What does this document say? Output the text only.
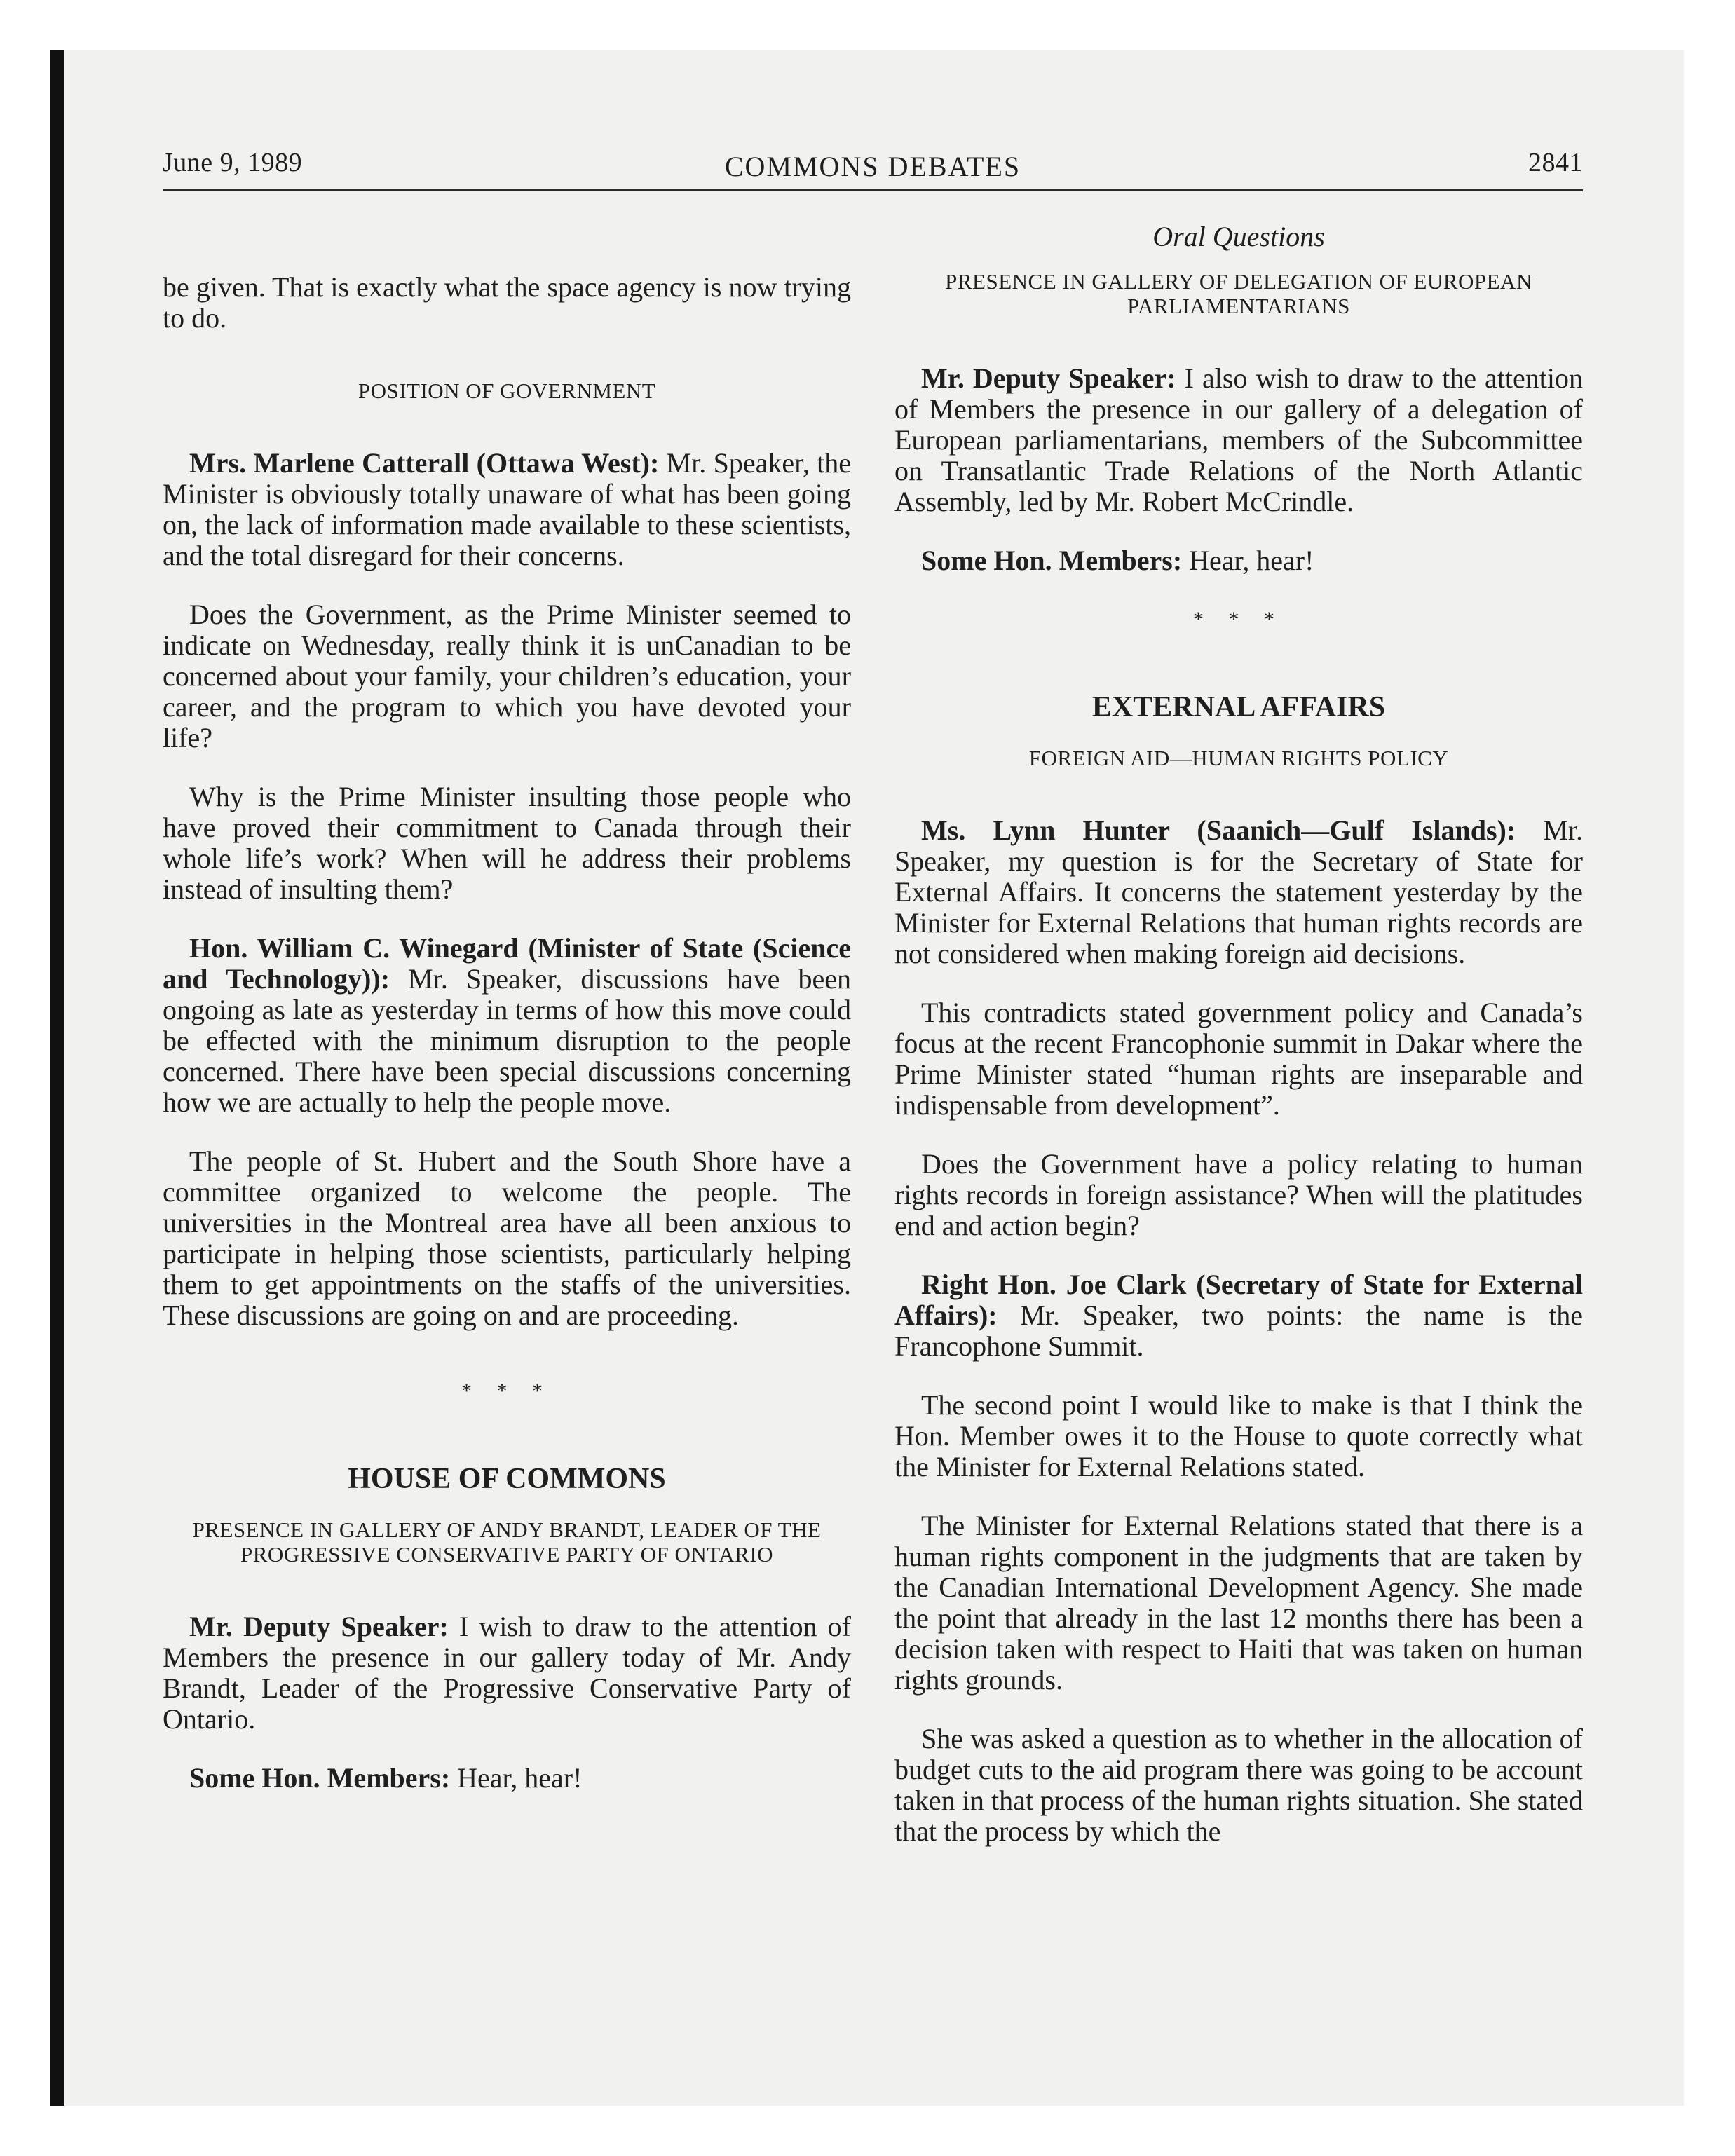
June 9, 1989	COMMONS DEBATES	2841

be given. That is exactly what the space agency is now trying to do.

POSITION OF GOVERNMENT

Mrs. Marlene Catterall (Ottawa West): Mr. Speaker, the Minister is obviously totally unaware of what has been going on, the lack of information made available to these scientists, and the total disregard for their concerns.

Does the Government, as the Prime Minister seemed to indicate on Wednesday, really think it is unCanadian to be concerned about your family, your children’s education, your career, and the program to which you have devoted your life?

Why is the Prime Minister insulting those people who have proved their commitment to Canada through their whole life’s work? When will he address their problems instead of insulting them?

Hon. William C. Winegard (Minister of State (Science and Technology)): Mr. Speaker, discussions have been ongoing as late as yesterday in terms of how this move could be effected with the minimum disruption to the people concerned. There have been special discussions concerning how we are actually to help the people move.

The people of St. Hubert and the South Shore have a committee organized to welcome the people. The universities in the Montreal area have all been anxious to participate in helping those scientists, particularly helping them to get appointments on the staffs of the universities. These discussions are going on and are proceeding.

* * *
HOUSE OF COMMONS
PRESENCE IN GALLERY OF ANDY BRANDT, LEADER OF THE PROGRESSIVE CONSERVATIVE PARTY OF ONTARIO

Mr. Deputy Speaker: I wish to draw to the attention of Members the presence in our gallery today of Mr. Andy Brandt, Leader of the Progressive Conservative Party of Ontario.

Some Hon. Members: Hear, hear!

Oral Questions
PRESENCE IN GALLERY OF DELEGATION OF EUROPEAN PARLIAMENTARIANS

Mr. Deputy Speaker: I also wish to draw to the attention of Members the presence in our gallery of a delegation of European parliamentarians, members of the Subcommittee on Transatlantic Trade Relations of the North Atlantic Assembly, led by Mr. Robert McCrindle.

Some Hon. Members: Hear, hear!

* * *
EXTERNAL AFFAIRS
FOREIGN AID—HUMAN RIGHTS POLICY

Ms. Lynn Hunter (Saanich—Gulf Islands): Mr. Speaker, my question is for the Secretary of State for External Affairs. It concerns the statement yesterday by the Minister for External Relations that human rights records are not considered when making foreign aid decisions.

This contradicts stated government policy and Canada’s focus at the recent Francophonie summit in Dakar where the Prime Minister stated “human rights are inseparable and indispensable from development”.

Does the Government have a policy relating to human rights records in foreign assistance? When will the platitudes end and action begin?

Right Hon. Joe Clark (Secretary of State for External Affairs): Mr. Speaker, two points: the name is the Francophone Summit.

The second point I would like to make is that I think the Hon. Member owes it to the House to quote correctly what the Minister for External Relations stated.

The Minister for External Relations stated that there is a human rights component in the judgments that are taken by the Canadian International Development Agency. She made the point that already in the last 12 months there has been a decision taken with respect to Haiti that was taken on human rights grounds.

She was asked a question as to whether in the allocation of budget cuts to the aid program there was going to be account taken in that process of the human rights situation. She stated that the process by which the
